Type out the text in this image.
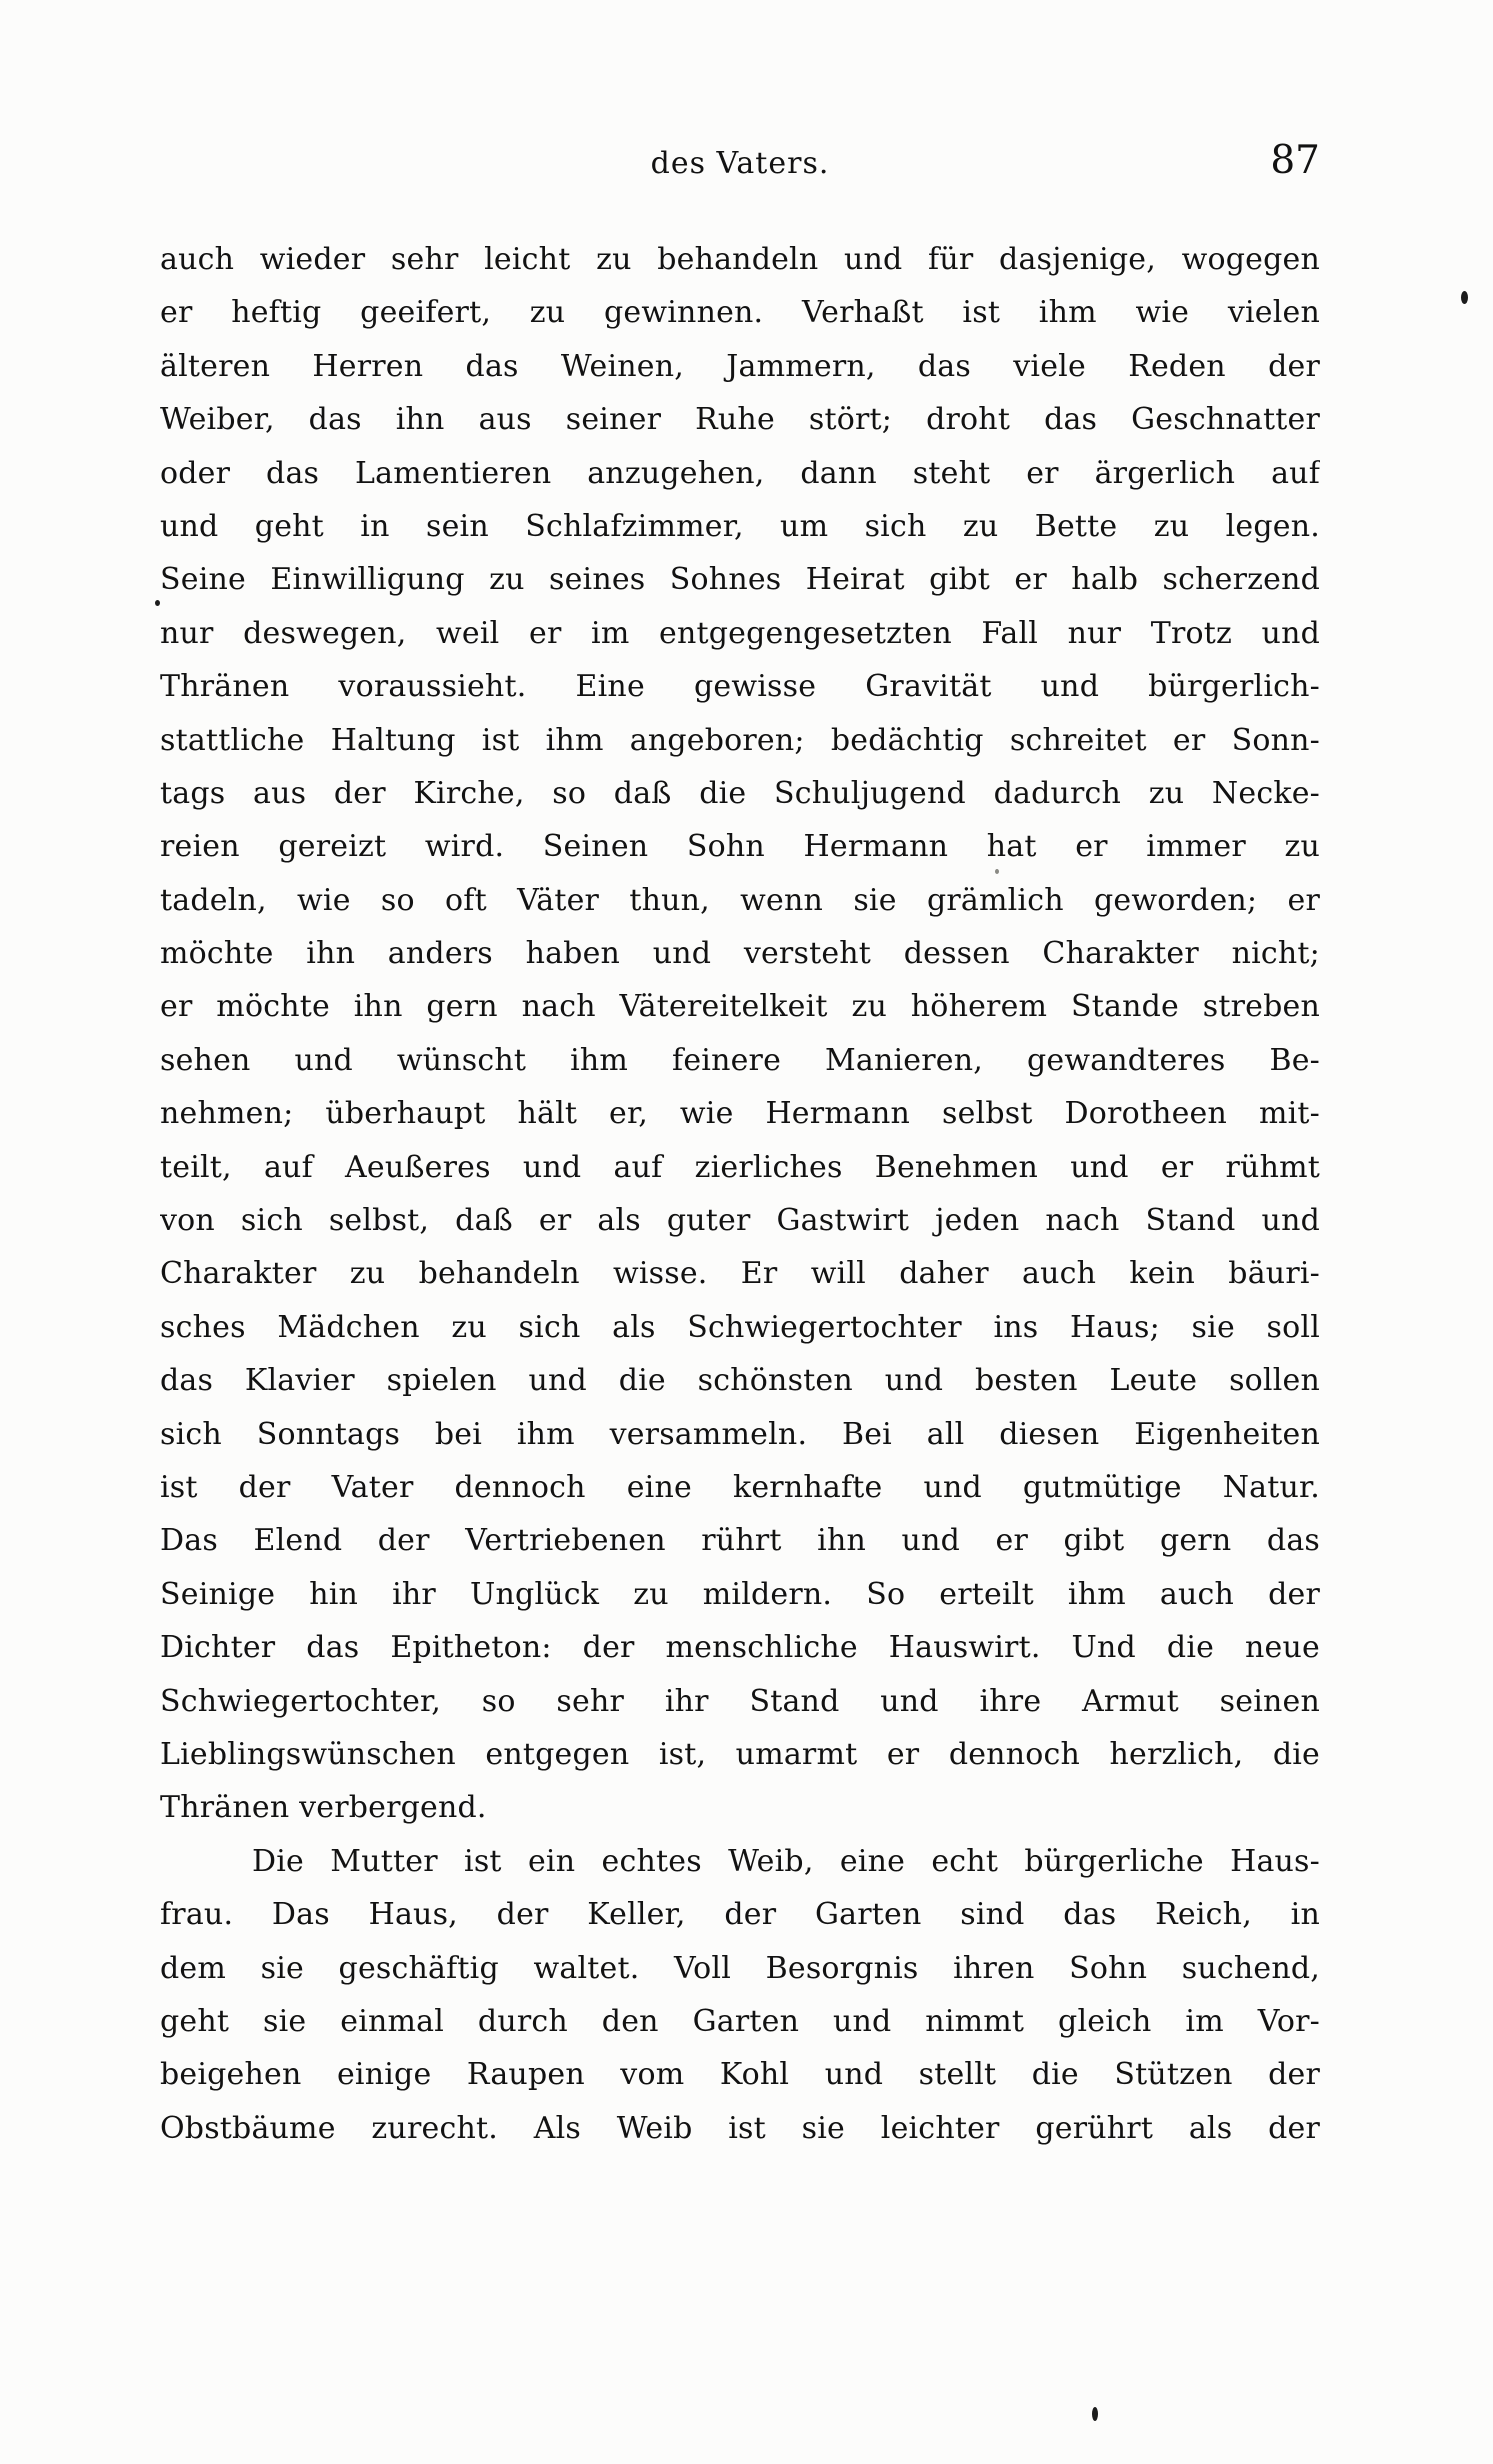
des Vaters.	87
auch wieder sehr leicht zu behandeln und für dasjenige, wogegen
er heftig geeifert, zu gewinnen. Verhaßt ist ihm wie vielen
älteren Herren das Weinen, Jammern, das viele Reden der
Weiber, das ihn aus seiner Ruhe stört; droht das Geschnatter
oder das Lamentieren anzugehen, dann steht er ärgerlich auf
und geht in sein Schlafzimmer, um sich zu Bette zu legen.
Seine Einwilligung zu seines Sohnes Heirat gibt er halb scherzend
nur deswegen, weil er im entgegengesetzten Fall nur Trotz und
Thränen voraussieht. Eine gewisse Gravität und bürgerlich-
stattliche Haltung ist ihm angeboren; bedächtig schreitet er Sonn-
tags aus der Kirche, so daß die Schuljugend dadurch zu Necke-
reien gereizt wird. Seinen Sohn Hermann hat er immer zu
tadeln, wie so oft Väter thun, wenn sie grämlich geworden; er
möchte ihn anders haben und versteht dessen Charakter nicht;
er möchte ihn gern nach Vätereitelkeit zu höherem Stande streben
sehen und wünscht ihm feinere Manieren, gewandteres Be-
nehmen; überhaupt hält er, wie Hermann selbst Dorotheen mit-
teilt, auf Aeußeres und auf zierliches Benehmen und er rühmt
von sich selbst, daß er als guter Gastwirt jeden nach Stand und
Charakter zu behandeln wisse. Er will daher auch kein bäuri-
sches Mädchen zu sich als Schwiegertochter ins Haus; sie soll
das Klavier spielen und die schönsten und besten Leute sollen
sich Sonntags bei ihm versammeln. Bei all diesen Eigenheiten
ist der Vater dennoch eine kernhafte und gutmütige Natur.
Das Elend der Vertriebenen rührt ihn und er gibt gern das
Seinige hin ihr Unglück zu mildern. So erteilt ihm auch der
Dichter das Epitheton: der menschliche Hauswirt. Und die neue
Schwiegertochter, so sehr ihr Stand und ihre Armut seinen
Lieblingswünschen entgegen ist, umarmt er dennoch herzlich, die
Thränen verbergend.
Die Mutter ist ein echtes Weib, eine echt bürgerliche Haus-
frau. Das Haus, der Keller, der Garten sind das Reich, in
dem sie geschäftig waltet. Voll Besorgnis ihren Sohn suchend,
geht sie einmal durch den Garten und nimmt gleich im Vor-
beigehen einige Raupen vom Kohl und stellt die Stützen der
Obstbäume zurecht. Als Weib ist sie leichter gerührt als der
